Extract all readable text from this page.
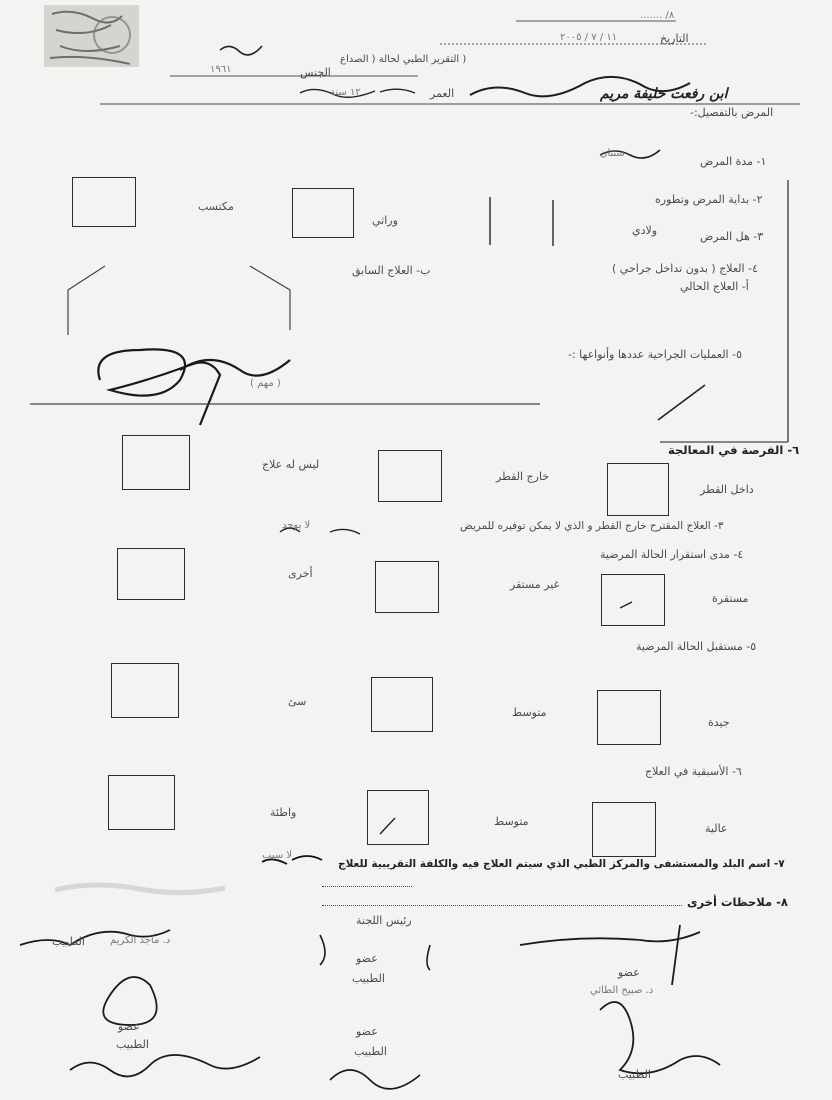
٨/ .......
التاريخ
١١ / ٧ / ٢٠٠٥
( التقرير الطبي لحالة ( الصداع
الجنس
١٩٦١
ابن رفعت خليفة مريم
العمر
١٢ سنة
المرض بالتفصيل:-
١- مدة المرض
سنتان
٢- بداية المرض وتطوره
٣- هل المرض
ولادي
وراثي
مكتسب
٤- العلاج ( بدون تداخل جراحي )
أ- العلاج الحالي
ب- العلاج السابق
٥- العمليات الجراحية عددها وأنواعها :-
( مهم )
٦- الفرصة في المعالجة
ليس له علاج
خارج القطر
داخل القطر
٣- العلاج المقترح خارج القطر و الذي لا يمكن توفيره للمريض
لا يوجد
٤- مدى استقرار الحالة المرضية
أخرى
غير مستقر
مستقرة
٥- مستقبل الحالة المرضية
سئ
متوسط
جيدة
٦- الأسبقية في العلاج
واطئة
متوسط
عالية
٧- اسم البلد والمستشفى والمركز الطبي الذي سيتم العلاج فيه والكلفة التقريبية للعلاج
لا سبب
٨- ملاحظات أخرى
رئيس اللجنة
عضو
الطبيب
الطبيب	د. ماجد الكريم
عضو
الطبيب
عضو
د. صبيح الطائي
الطبيب
عضو
الطبيب
